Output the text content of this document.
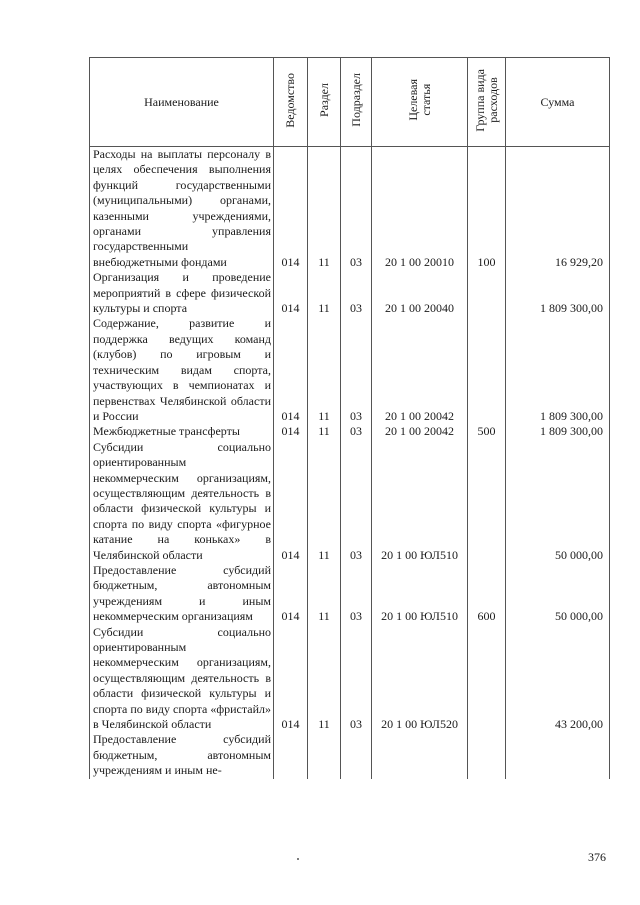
Наименование	Ведомство	Раздел	Подраздел	Целевая
статья	Группа вида
расходов	Сумма
Расходы на выплаты персоналу в целях обеспечения выполнения функций государственными (муниципальными) органами, казенными учреждениями, органами управления государственными внебюджетными фондами	014	11	03	20 1 00 20010	100	16 929,20
Организация и проведение мероприятий в сфере физической культуры и спорта	014	11	03	20 1 00 20040		1 809 300,00
Содержание, развитие и поддержка ведущих команд (клубов) по игровым и техническим видам спорта, участвующих в чемпионатах и первенствах Челябинской области и России	014	11	03	20 1 00 20042		1 809 300,00
Межбюджетные трансферты	014	11	03	20 1 00 20042	500	1 809 300,00
Субсидии социально ориентированным некоммерческим организациям, осуществляющим деятельность в области физической культуры и спорта по виду спорта «фигурное катание на коньках» в Челябинской области	014	11	03	20 1 00 ЮЛ510		50 000,00
Предоставление субсидий бюджетным, автономным учреждениям и иным некоммерческим организациям	014	11	03	20 1 00 ЮЛ510	600	50 000,00
Субсидии социально ориентированным некоммерческим организациям, осуществляющим деятельность в области физической культуры и спорта по виду спорта «фристайл» в Челябинской области	014	11	03	20 1 00 ЮЛ520		43 200,00
Предоставление субсидий бюджетным, автономным учреждениям и иным не-						
376
